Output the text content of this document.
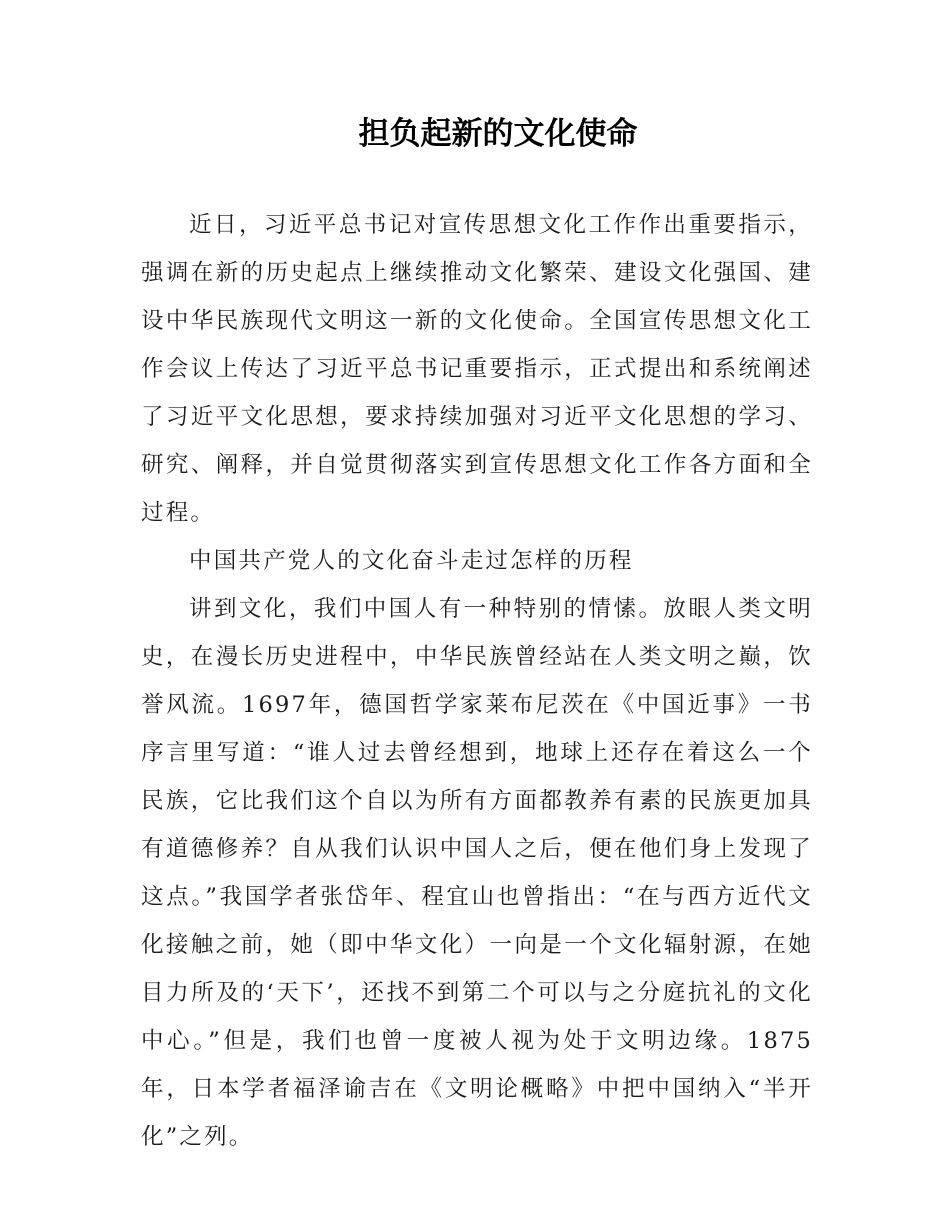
担负起新的文化使命

近日，习近平总书记对宣传思想文化工作作出重要指示，强调在新的历史起点上继续推动文化繁荣、建设文化强国、建设中华民族现代文明这一新的文化使命。全国宣传思想文化工作会议上传达了习近平总书记重要指示，正式提出和系统阐述了习近平文化思想，要求持续加强对习近平文化思想的学习、研究、阐释，并自觉贯彻落实到宣传思想文化工作各方面和全过程。

中国共产党人的文化奋斗走过怎样的历程

讲到文化，我们中国人有一种特别的情愫。放眼人类文明史，在漫长历史进程中，中华民族曾经站在人类文明之巅，饮誉风流。1697年，德国哲学家莱布尼茨在《中国近事》一书序言里写道：“谁人过去曾经想到，地球上还存在着这么一个民族，它比我们这个自以为所有方面都教养有素的民族更加具有道德修养？自从我们认识中国人之后，便在他们身上发现了这点。”我国学者张岱年、程宜山也曾指出：“在与西方近代文化接触之前，她（即中华文化）一向是一个文化辐射源，在她目力所及的‘天下’，还找不到第二个可以与之分庭抗礼的文化中心。”但是，我们也曾一度被人视为处于文明边缘。1875年，日本学者福泽谕吉在《文明论概略》中把中国纳入“半开化”之列。
